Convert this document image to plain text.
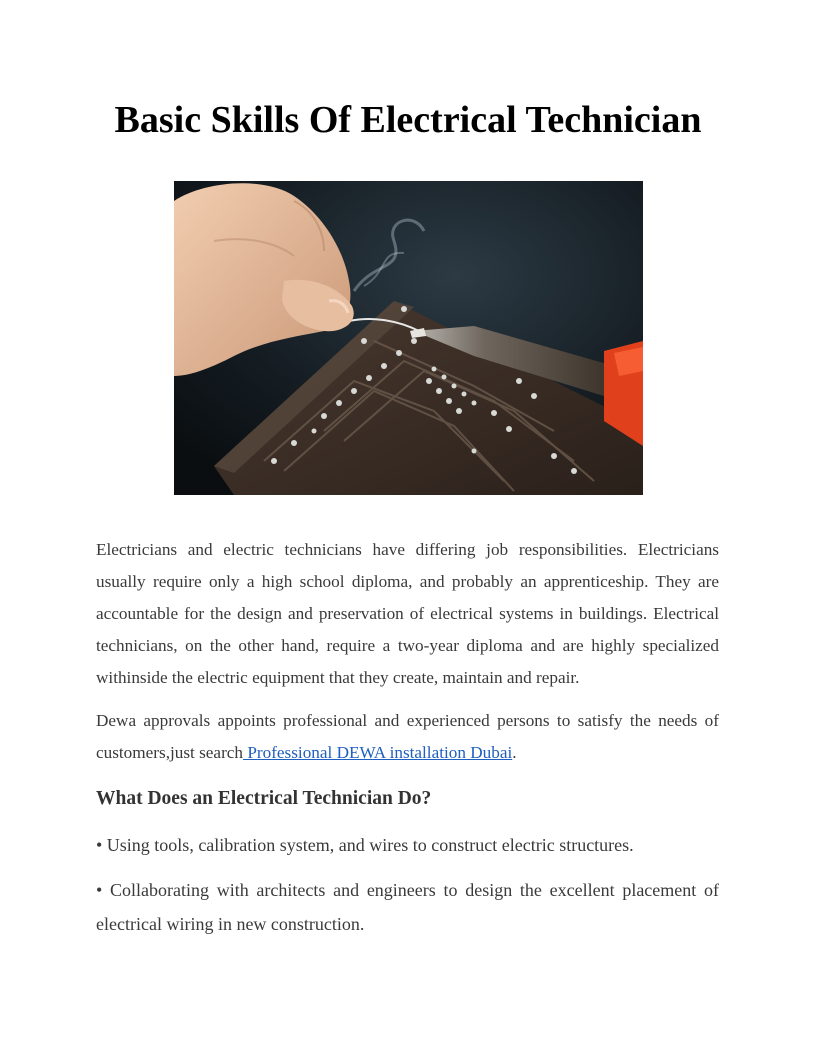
Basic Skills Of Electrical Technician

Electricians and electric technicians have differing job responsibilities. Electricians usually require only a high school diploma, and probably an apprenticeship. They are accountable for the design and preservation of electrical systems in buildings. Electrical technicians, on the other hand, require a two-year diploma and are highly specialized withinside the electric equipment that they create, maintain and repair.

Dewa approvals appoints professional and experienced persons to satisfy the needs of customers,just search Professional DEWA installation Dubai.

What Does an Electrical Technician Do?

• Using tools, calibration system, and wires to construct electric structures.

• Collaborating with architects and engineers to design the excellent placement of electrical wiring in new construction.
